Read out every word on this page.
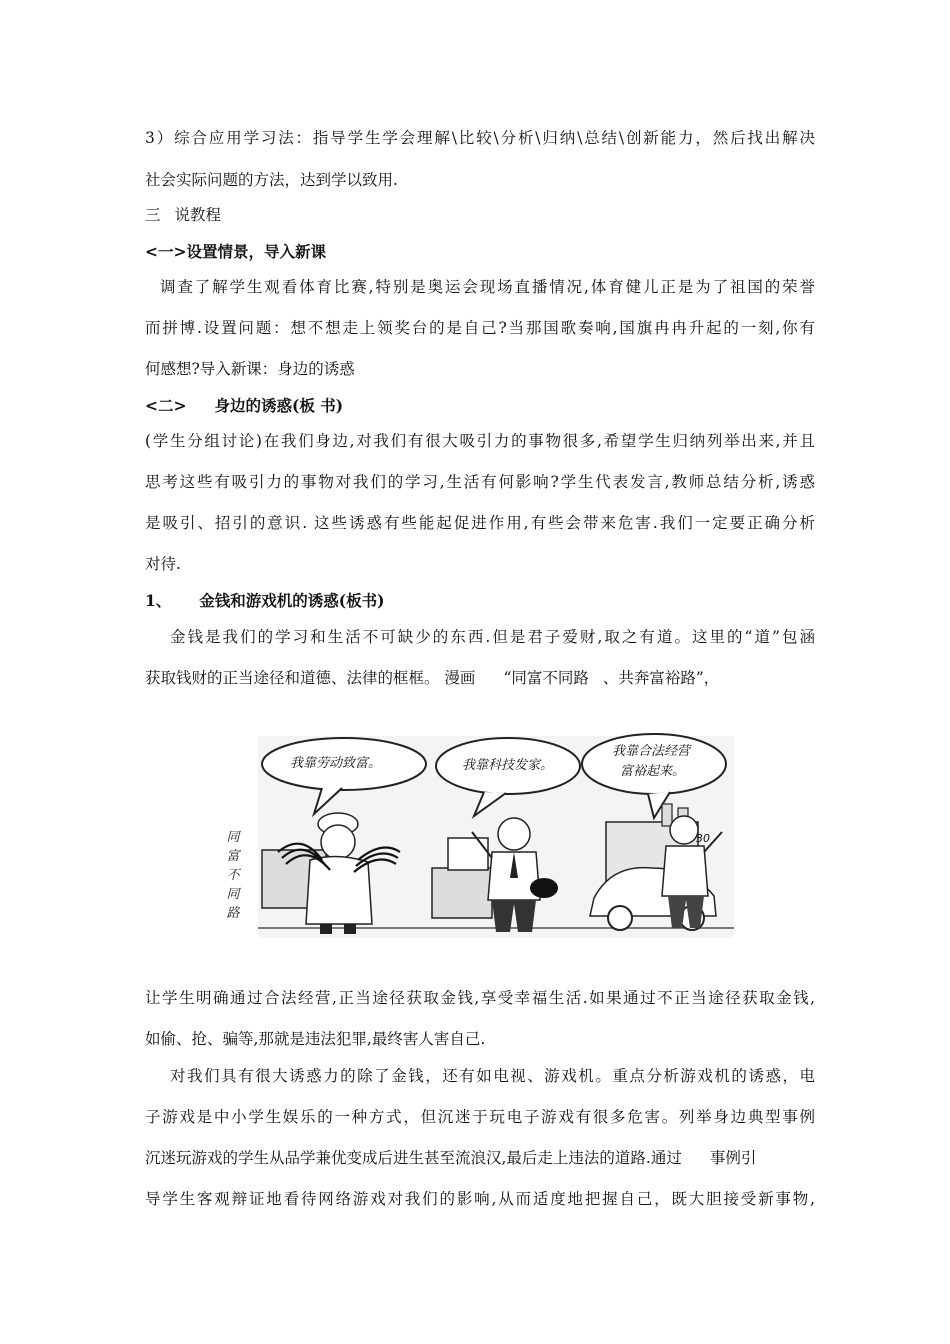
3）综合应用学习法：指导学生学会理解\比较\分析\归纳\总结\创新能力，然后找出解决
社会实际问题的方法，达到学以致用.
三 说教程
<一>设置情景，导入新课
调查了解学生观看体育比赛,特别是奥运会现场直播情况,体育健儿正是为了祖国的荣誉
而拼博.设置问题：想不想走上领奖台的是自己?当那国歌奏响,国旗冉冉升起的一刻,你有
何感想?导入新课：身边的诱惑
<二> 身边的诱惑(板 书)
(学生分组讨论)在我们身边,对我们有很大吸引力的事物很多,希望学生归纳列举出来,并且
思考这些有吸引力的事物对我们的学习,生活有何影响?学生代表发言,教师总结分析,诱惑
是吸引、招引的意识. 这些诱惑有些能起促进作用,有些会带来危害.我们一定要正确分析
对待.
1、 金钱和游戏机的诱惑(板书)
金钱是我们的学习和生活不可缺少的东西.但是君子爱财,取之有道。这里的“道”包涵
获取钱财的正当途径和道德、法律的框框。 漫画 “同富不同路 、共奔富裕路”，
我靠劳动致富。	我靠科技发家。
我靠合法经营
富裕起来。
30
同
富
不
同
路
让学生明确通过合法经营,正当途径获取金钱,享受幸福生活.如果通过不正当途径获取金钱,
如偷、抢、骗等,那就是违法犯罪,最终害人害自己.
对我们具有很大诱惑力的除了金钱，还有如电视、游戏机。重点分析游戏机的诱惑，电
子游戏是中小学生娱乐的一种方式，但沉迷于玩电子游戏有很多危害。列举身边典型事例
沉迷玩游戏的学生从品学兼优变成后进生甚至流浪汉,最后走上违法的道路.通过 事例引
导学生客观辩证地看待网络游戏对我们的影响,从而适度地把握自己，既大胆接受新事物,
